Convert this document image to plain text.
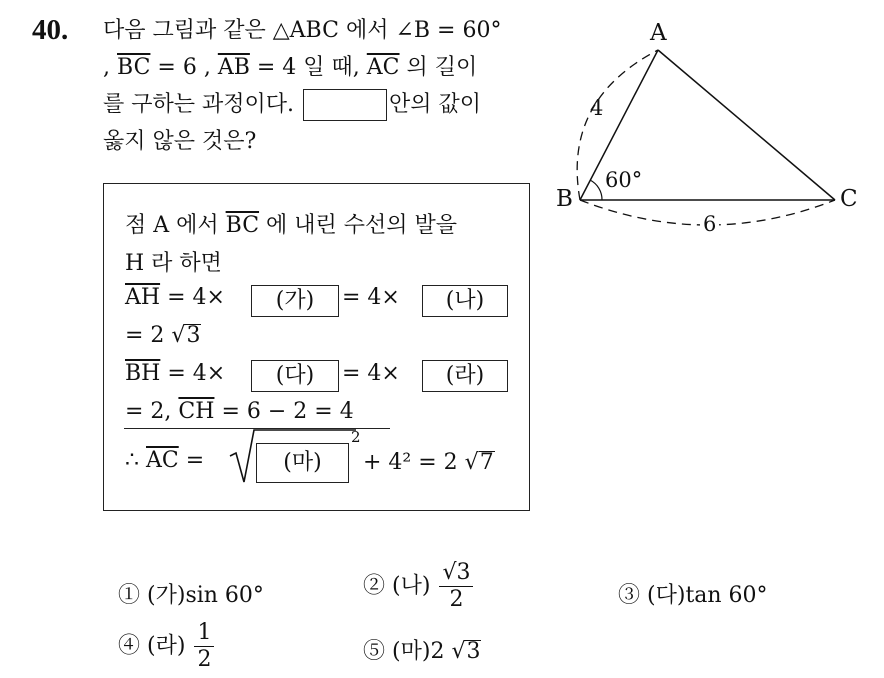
40. 다음 그림과 같은 △ABC 에서 ∠B = 60°
, $\overline{BC} = 6$ , $\overline{AB} = 4$ 일 때, $\overline{AC}$ 의 길이
를 구하는 과정이다.	안의 값이
옳지 않은 것은?
점 A 에서 $\overline{BC}$ 에 내린 수선의 발을
H 라 하면
$\overline{AH} = 4\times$	(가)	= 4×	(나)
= 2 √3
$\overline{BH} = 4\times$	(다)	= 4×	(라)
= 2, $\overline{CH} = 6 - 2 = 4$
∴ $\overline{AC}$ =	(마)
2
+ 4² = 2 √7
A
B	C
4
6
60°
① (가)sin 60°	② (나) $\frac{√3}{2}$	③ (다)tan 60°
④ (라) $\frac{1}{2}$	⑤ (마)2 √3
